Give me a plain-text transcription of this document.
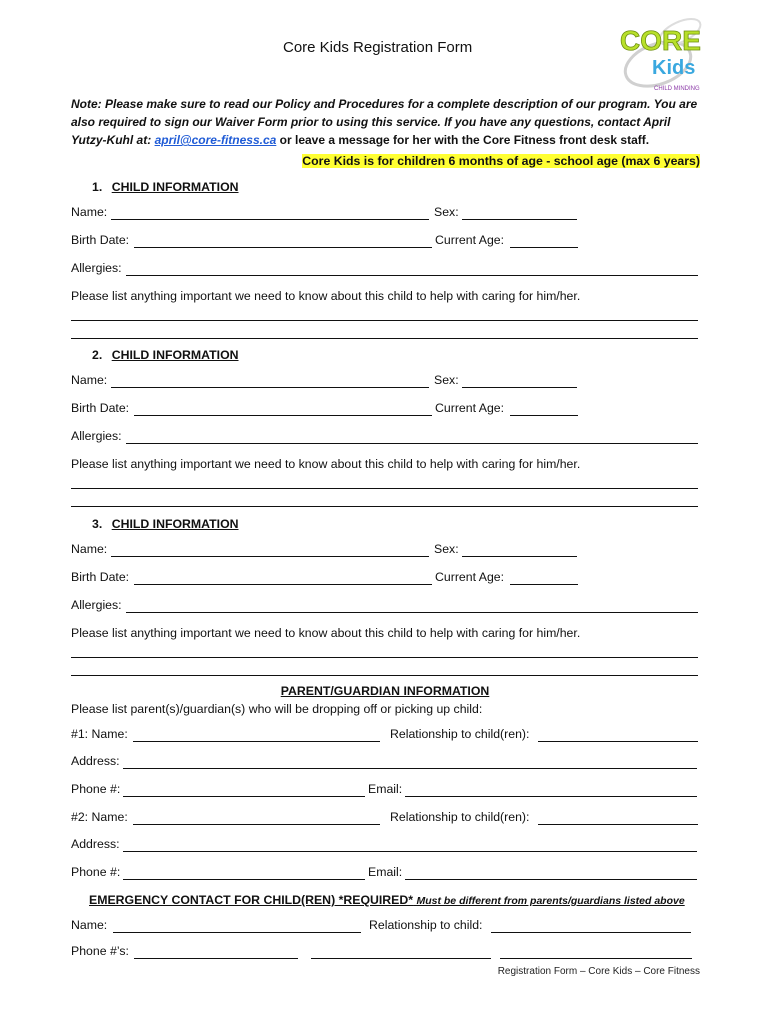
Core Kids Registration Form	CORE
Kids
CHILD MINDING
Note: Please make sure to read our Policy and Procedures for a complete description of our program. You are also required to sign our Waiver Form prior to using this service. If you have any questions, contact April Yutzy-Kuhl at: april@core-fitness.ca or leave a message for her with the Core Fitness front desk staff.
Core Kids is for children 6 months of age - school age (max 6 years)
1. CHILD INFORMATION
Name:	Sex:
Birth Date:	Current Age:
Allergies:
Please list anything important we need to know about this child to help with caring for him/her.
2. CHILD INFORMATION
Name:	Sex:
Birth Date:	Current Age:
Allergies:
Please list anything important we need to know about this child to help with caring for him/her.
3. CHILD INFORMATION
Name:	Sex:
Birth Date:	Current Age:
Allergies:
Please list anything important we need to know about this child to help with caring for him/her.
PARENT/GUARDIAN INFORMATION
Please list parent(s)/guardian(s) who will be dropping off or picking up child:
#1: Name:	Relationship to child(ren):
Address:
Phone #:	Email:
#2: Name:	Relationship to child(ren):
Address:
Phone #:	Email:
EMERGENCY CONTACT FOR CHILD(REN) *REQUIRED* Must be different from parents/guardians listed above
Name:	Relationship to child:
Phone #’s:
Registration Form – Core Kids – Core Fitness
